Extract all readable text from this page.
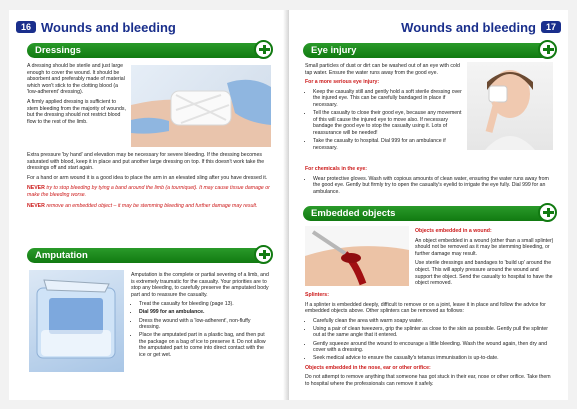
16 Wounds and bleeding
Dressings

A dressing should be sterile and just large enough to cover the wound. It should be absorbent and preferably made of material which won't stick to the clotting blood (a 'low-adherent' dressing).

A firmly applied dressing is sufficient to stem bleeding from the majority of wounds, but the dressing should not restrict blood flow to the rest of the limb.

Extra pressure 'by hand' and elevation may be necessary for severe bleeding. If the dressing becomes saturated with blood, keep it in place and put another large dressing on top. If this doesn't work take the dressings off and start again.

For a hand or arm wound it is a good idea to place the arm in an elevated sling after you have dressed it.

NEVER try to stop bleeding by tying a band around the limb (a tourniquet). It may cause tissue damage or make the bleeding worse.

NEVER remove an embedded object – it may be stemming bleeding and further damage may result.

Amputation

Amputation is the complete or partial severing of a limb, and is extremely traumatic for the casualty. Your priorities are to stop any bleeding, to carefully preserve the amputated body part and to reassure the casualty.

• Treat the casualty for bleeding (page 13).
• Dial 999 for an ambulance.
• Dress the wound with a 'low-adherent', non-fluffy dressing.
• Place the amputated part in a plastic bag, and then put the package on a bag of ice to preserve it. Do not allow the amputated part to come into direct contact with the ice or get wet.
Wounds and bleeding	17
Eye injury

Small particles of dust or dirt can be washed out of an eye with cold tap water. Ensure the water runs away from the good eye.

For a more serious eye injury:

• Keep the casualty still and gently hold a soft sterile dressing over the injured eye. This can be carefully bandaged in place if necessary.
• Tell the casualty to close their good eye, because any movement of this will cause the injured eye to move also. If necessary bandage the good eye to stop the casualty using it. Lots of reassurance will be needed!
• Take the casualty to hospital. Dial 999 for an ambulance if necessary.

For chemicals in the eye:

• Wear protective gloves. Wash with copious amounts of clean water, ensuring the water runs away from the good eye. Gently but firmly try to open the casualty's eyelid to irrigate the eye fully. Dial 999 for an ambulance.
Embedded objects

Objects embedded in a wound:

An object embedded in a wound (other than a small splinter) should not be removed as it may be stemming bleeding, or further damage may result.

Use sterile dressings and bandages to 'build up' around the object. This will apply pressure around the wound and support the object. Send the casualty to hospital to have the object removed.

Splinters:

If a splinter is embedded deeply, difficult to remove or on a joint, leave it in place and follow the advice for embedded objects above. Other splinters can be removed as follows:

• Carefully clean the area with warm soapy water.
• Using a pair of clean tweezers, grip the splinter as close to the skin as possible. Gently pull the splinter out at the same angle that it entered.
• Gently squeeze around the wound to encourage a little bleeding. Wash the wound again, then dry and cover with a dressing.
• Seek medical advice to ensure the casualty's tetanus immunisation is up-to-date.

Objects embedded in the nose, ear or other orifice:

Do not attempt to remove anything that someone has got stuck in their ear, nose or other orifice. Take them to hospital where the professionals can remove it safely.
